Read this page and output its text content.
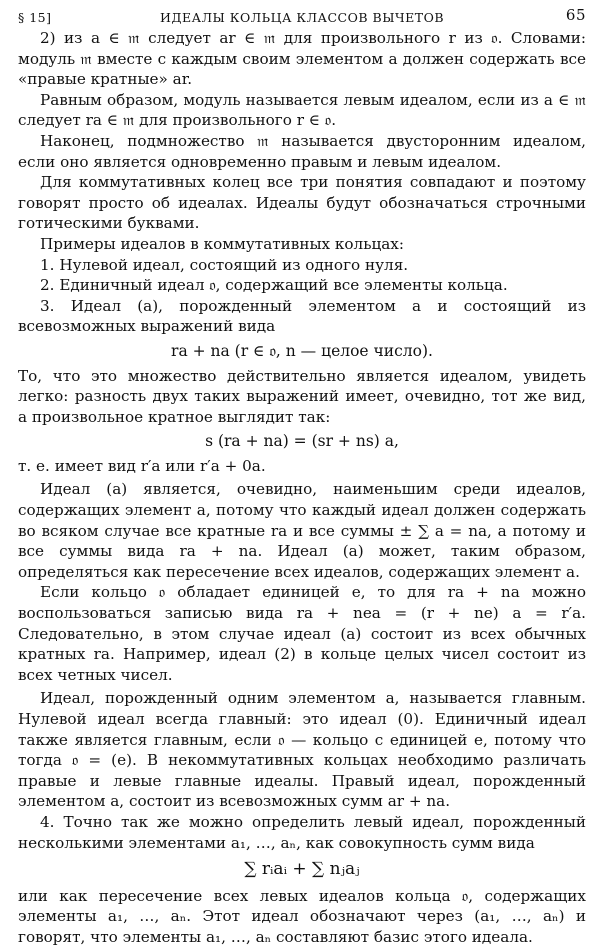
§ 15]	ИДЕАЛЫ КОЛЬЦА КЛАССОВ ВЫЧЕТОВ	65

2) из a ∈ 𝔪 следует ar ∈ 𝔪 для произвольного r из 𝔬. Словами: модуль 𝔪 вместе с каждым своим элементом a должен содержать все «правые кратные» ar.

Равным образом, модуль называется левым идеалом, если из a ∈ 𝔪 следует ra ∈ 𝔪 для произвольного r ∈ 𝔬.

Наконец, подмножество 𝔪 называется двусторонним идеалом, если оно является одновременно правым и левым идеалом.

Для коммутативных колец все три понятия совпадают и поэтому говорят просто об идеалах. Идеалы будут обозначаться строчными готическими буквами.

Примеры идеалов в коммутативных кольцах:

1. Нулевой идеал, состоящий из одного нуля.

2. Единичный идеал 𝔬, содержащий все элементы кольца.

3. Идеал (a), порожденный элементом a и состоящий из всевозможных выражений вида

ra + na (r ∈ 𝔬, n — целое число).

То, что это множество действительно является идеалом, увидеть легко: разность двух таких выражений имеет, очевидно, тот же вид, а произвольное кратное выглядит так:

s (ra + na) = (sr + ns) a,

т. е. имеет вид r′a или r′a + 0a.

Идеал (a) является, очевидно, наименьшим среди идеалов, содержащих элемент a, потому что каждый идеал должен содержать во всяком случае все кратные ra и все суммы ± ∑ a = na, а потому и все суммы вида ra + na. Идеал (a) может, таким образом, определяться как пересечение всех идеалов, содержащих элемент a.

Если кольцо 𝔬 обладает единицей e, то для ra + na можно воспользоваться записью вида ra + nea = (r + ne) a = r′a. Следовательно, в этом случае идеал (a) состоит из всех обычных кратных ra. Например, идеал (2) в кольце целых чисел состоит из всех четных чисел.

Идеал, порожденный одним элементом a, называется главным. Нулевой идеал всегда главный: это идеал (0). Единичный идеал также является главным, если 𝔬 — кольцо с единицей e, потому что тогда 𝔬 = (e). В некоммутативных кольцах необходимо различать правые и левые главные идеалы. Правый идеал, порожденный элементом a, состоит из всевозможных сумм ar + na.

4. Точно так же можно определить левый идеал, порожденный несколькими элементами a₁, …, aₙ, как совокупность сумм вида

∑ rᵢaᵢ + ∑ nⱼaⱼ

или как пересечение всех левых идеалов кольца 𝔬, содержащих элементы a₁, …, aₙ. Этот идеал обозначают через (a₁, …, aₙ) и говорят, что элементы a₁, …, aₙ составляют базис этого идеала.
